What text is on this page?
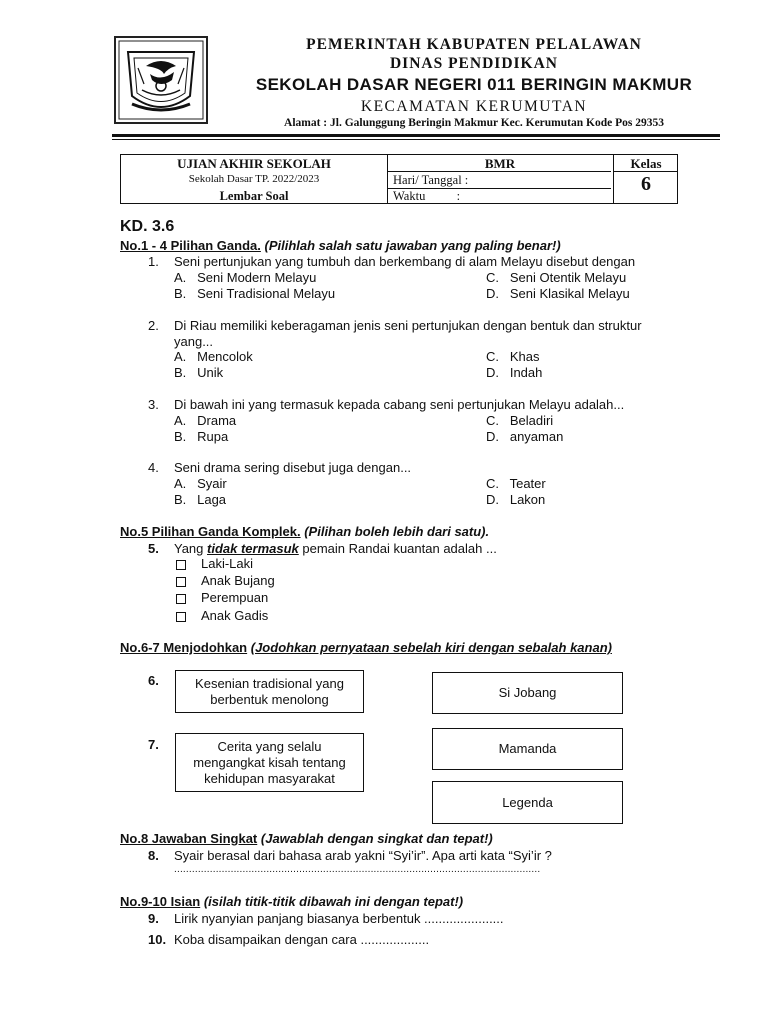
PEMERINTAH KABUPATEN PELALAWAN
DINAS PENDIDIKAN
SEKOLAH DASAR NEGERI 011 BERINGIN MAKMUR
KECAMATAN KERUMUTAN
Alamat : Jl. Galunggung Beringin Makmur Kec. Kerumutan Kode Pos 29353
UJIAN AKHIR SEKOLAH
Sekolah Dasar TP. 2022/2023
Lembar Soal
BMR
Hari/ Tanggal :
Waktu          :
Kelas
6
KD. 3.6
No.1 - 4 Pilihan Ganda. (Pilihlah salah satu jawaban yang paling benar!)
1. Seni pertunjukan yang tumbuh dan berkembang di alam Melayu disebut dengan
A.   Seni Modern Melayu
B.   Seni Tradisional Melayu
C.   Seni Otentik Melayu
D.   Seni Klasikal Melayu
2. Di Riau memiliki keberagaman jenis seni pertunjukan dengan bentuk dan struktur
yang...
A.   Mencolok
B.   Unik
C.   Khas
D.   Indah
3. Di bawah ini yang termasuk kepada cabang seni pertunjukan Melayu adalah...
A.   Drama
B.   Rupa
C.   Beladiri
D.   anyaman
4. Seni drama sering disebut juga dengan...
A.   Syair
B.   Laga
C.   Teater
D.   Lakon
No.5 Pilihan Ganda Komplek. (Pilihan boleh lebih dari satu).
5. Yang tidak termasuk pemain Randai kuantan adalah ...
Laki-Laki
Anak Bujang
Perempuan
Anak Gadis
No.6-7 Menjodohkan (Jodohkan pernyataan sebelah kiri dengan sebalah kanan)
6.	Kesenian tradisional yang berbentuk menolong
7.	Cerita yang selalu mengangkat kisah tentang kehidupan masyarakat
Si Jobang
Mamanda
Legenda
No.8 Jawaban Singkat (Jawablah dengan singkat dan tepat!)
8. Syair berasal dari bahasa arab yakni “Syi’ir”. Apa arti kata “Syi’ir ?
...........................................................................................................................
No.9-10 Isian (isilah titik-titik dibawah ini dengan tepat!)
9. Lirik nyanyian panjang biasanya berbentuk ......................
10. Koba disampaikan dengan cara ...................
